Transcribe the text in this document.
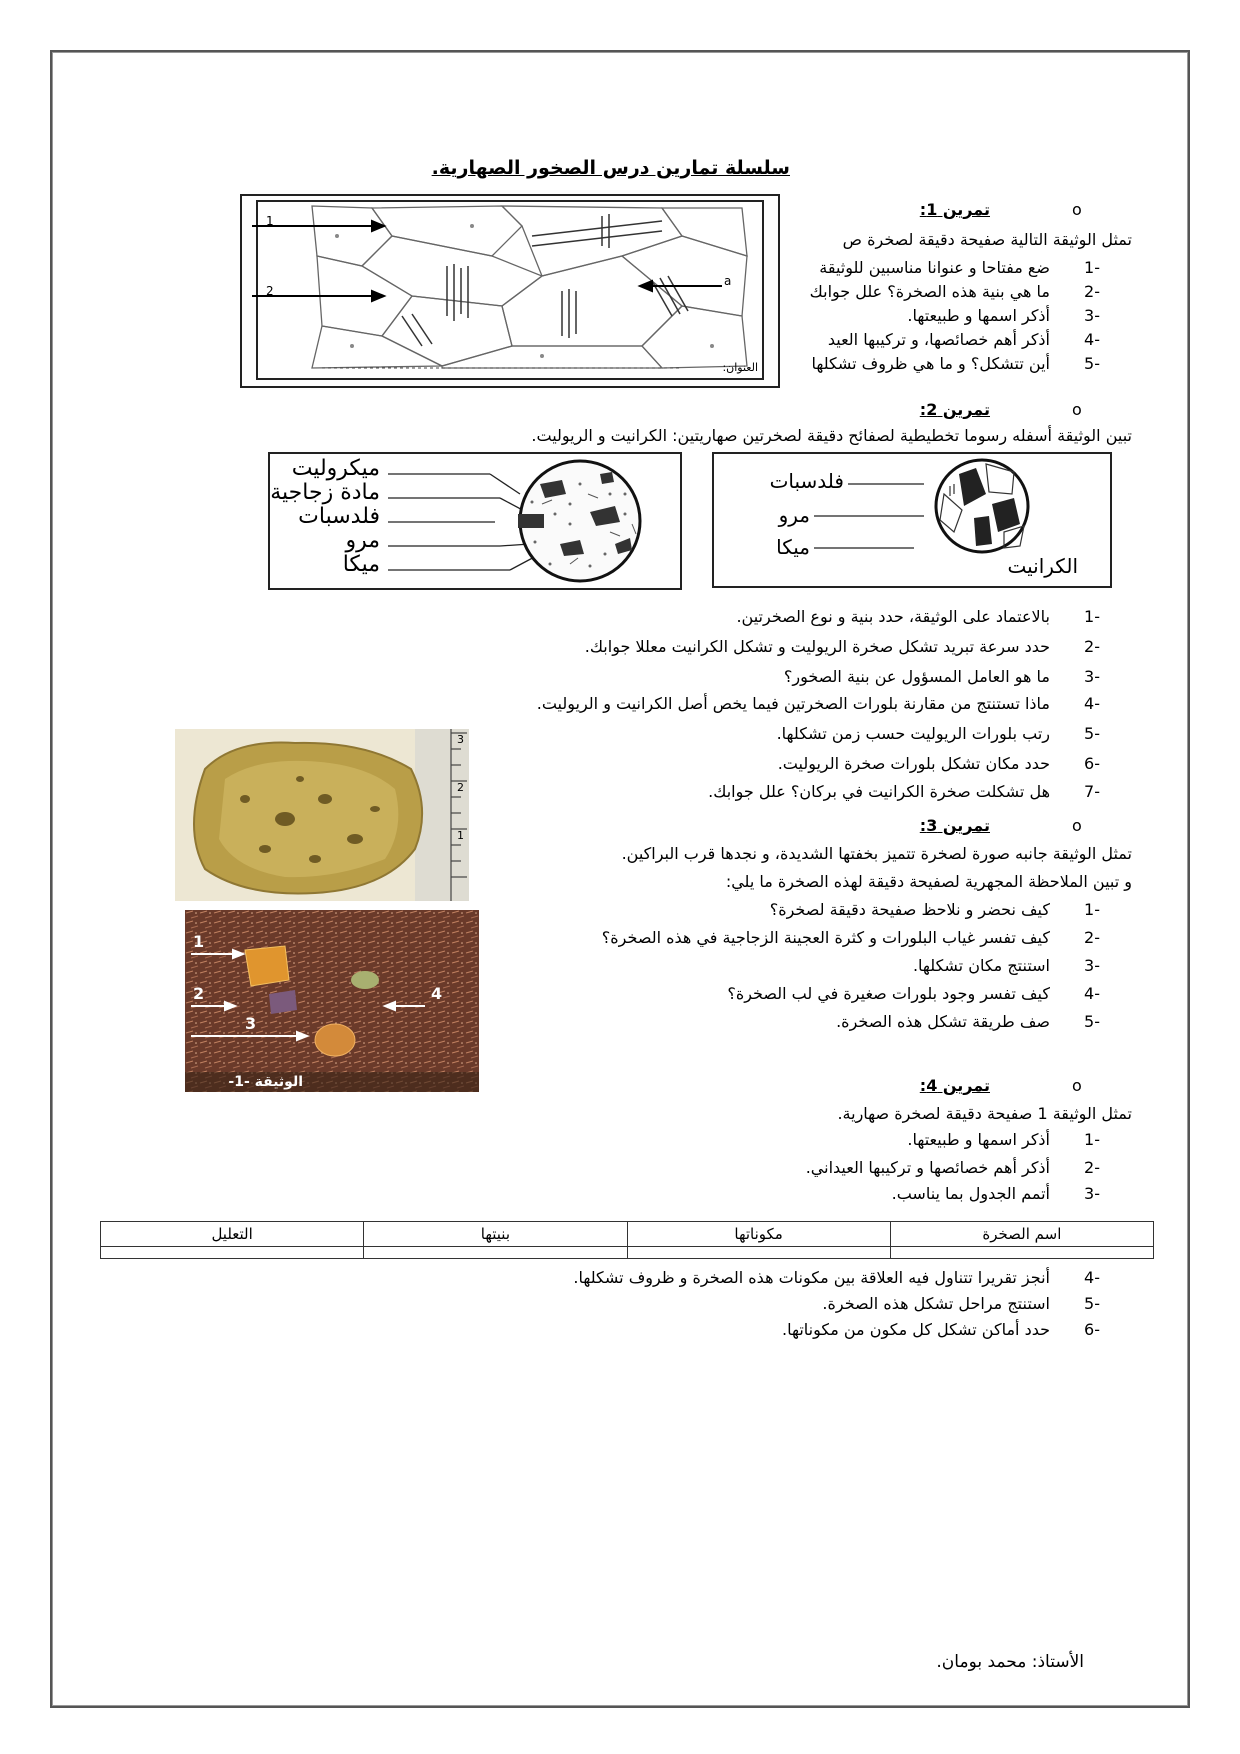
سلسلة تمارين درس الصخور الصهارية.
o
تمرين 1:
تمثل الوثيقة التالية صفيحة دقيقة لصخرة ص
-1ضع مفتاحا و عنوانا مناسبين للوثيقة
-2ما هي بنية هذه الصخرة؟ علل جوابك
-3أذكر اسمها و طبيعتها.
-4أذكر أهم خصائصها، و تركيبها العيد
-5أين تتشكل؟ و ما هي ظروف تشكلها
1
2
a
العنوان:
o
تمرين 2:
تبين الوثيقة أسفله رسوما تخطيطية لصفائح دقيقة لصخرتين صهاريتين: الكرانيت و الريوليت.
ميكروليت
مادة زجاجية
فلدسبات
مرو
ميكا
فلدسبات
مرو
ميكا
الكرانيت
-1بالاعتماد على الوثيقة، حدد بنية و نوع الصخرتين.
-2حدد سرعة تبريد تشكل صخرة الريوليت و تشكل الكرانيت معللا جوابك.
-3ما هو العامل المسؤول عن بنية الصخور؟
-4ماذا تستنتج من مقارنة بلورات الصخرتين فيما يخص أصل الكرانيت و الريوليت.
-5رتب بلورات الريوليت حسب زمن تشكلها.
-6حدد مكان تشكل بلورات صخرة الريوليت.
-7هل تشكلت صخرة الكرانيت في بركان؟ علل جوابك.
3
2
1
o
تمرين 3:
تمثل الوثيقة جانبه صورة لصخرة تتميز بخفتها الشديدة، و نجدها قرب البراكين.
و تبين الملاحظة المجهرية لصفيحة دقيقة لهذه الصخرة ما يلي:
-1كيف نحضر و نلاحظ صفيحة دقيقة لصخرة؟
-2كيف تفسر غياب البلورات و كثرة العجينة الزجاجية في هذه الصخرة؟
-3استنتج مكان تشكلها.
-4كيف تفسر وجود بلورات صغيرة في لب الصخرة؟
-5صف طريقة تشكل هذه الصخرة.
1
2
3
4
الوثيقة -1-	o
تمرين 4:
تمثل الوثيقة 1 صفيحة دقيقة لصخرة صهارية.
-1أذكر اسمها و طبيعتها.
-2أذكر أهم خصائصها و تركيبها العيداني.
-3أتمم الجدول بما يناسب.
اسم الصخرة	مكوناتها	بنيتها	التعليل

-4أنجز تقريرا تتناول فيه العلاقة بين مكونات هذه الصخرة و ظروف تشكلها.
-5استنتج مراحل تشكل هذه الصخرة.
-6حدد أماكن تشكل كل مكون من مكوناتها.
الأستاذ: محمد بومان.
